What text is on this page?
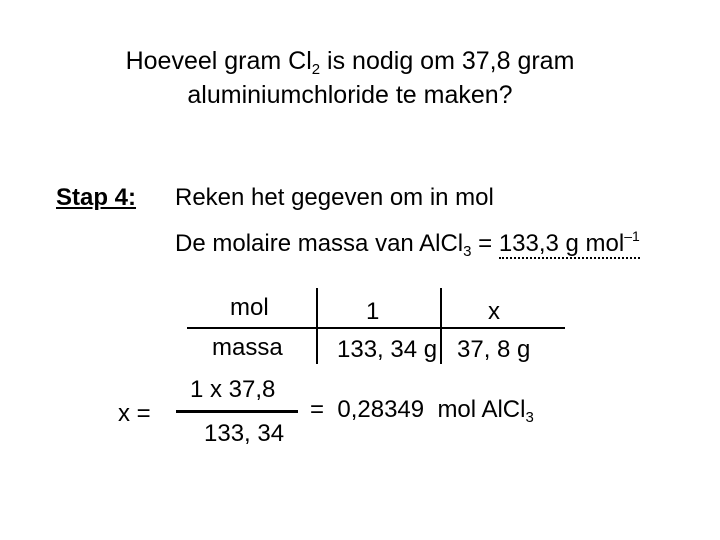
Hoeveel gram $Cl_2$ is nodig om 37,8 gram
aluminiumchloride te maken?
Stap 4: Reken het gegeven om in mol
De molaire massa van AlCl$_3$ = 133,3 g mol$^{-1}$
mol
massa
1
133, 34 g
x
37, 8 g
x =
1 x 37,8
133, 34
=  0,28349  mol AlCl$_3$
